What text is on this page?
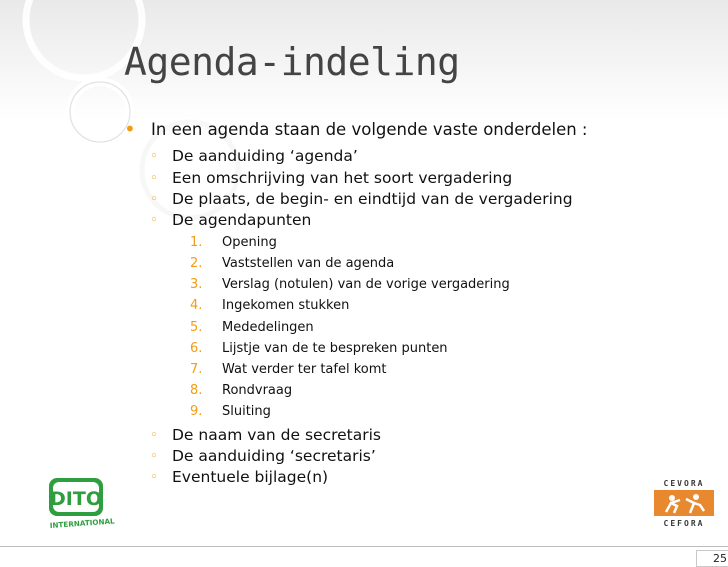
Agenda-indeling
• In een agenda staan de volgende vaste onderdelen :
◦ De aanduiding ‘agenda’
◦ Een omschrijving van het soort vergadering
◦ De plaats, de begin- en eindtijd van de vergadering
◦ De agendapunten
1. Opening
2. Vaststellen van de agenda
3. Verslag (notulen) van de vorige vergadering
4. Ingekomen stukken
5. Mededelingen
6. Lijstje van de te bespreken punten
7. Wat verder ter tafel komt
8. Rondvraag
9. Sluiting
◦ De naam van de secretaris
◦ De aanduiding ‘secretaris’
◦ Eventuele bijlage(n)
DITO
INTERNATIONAL
CEVORA
CEFORA
25
